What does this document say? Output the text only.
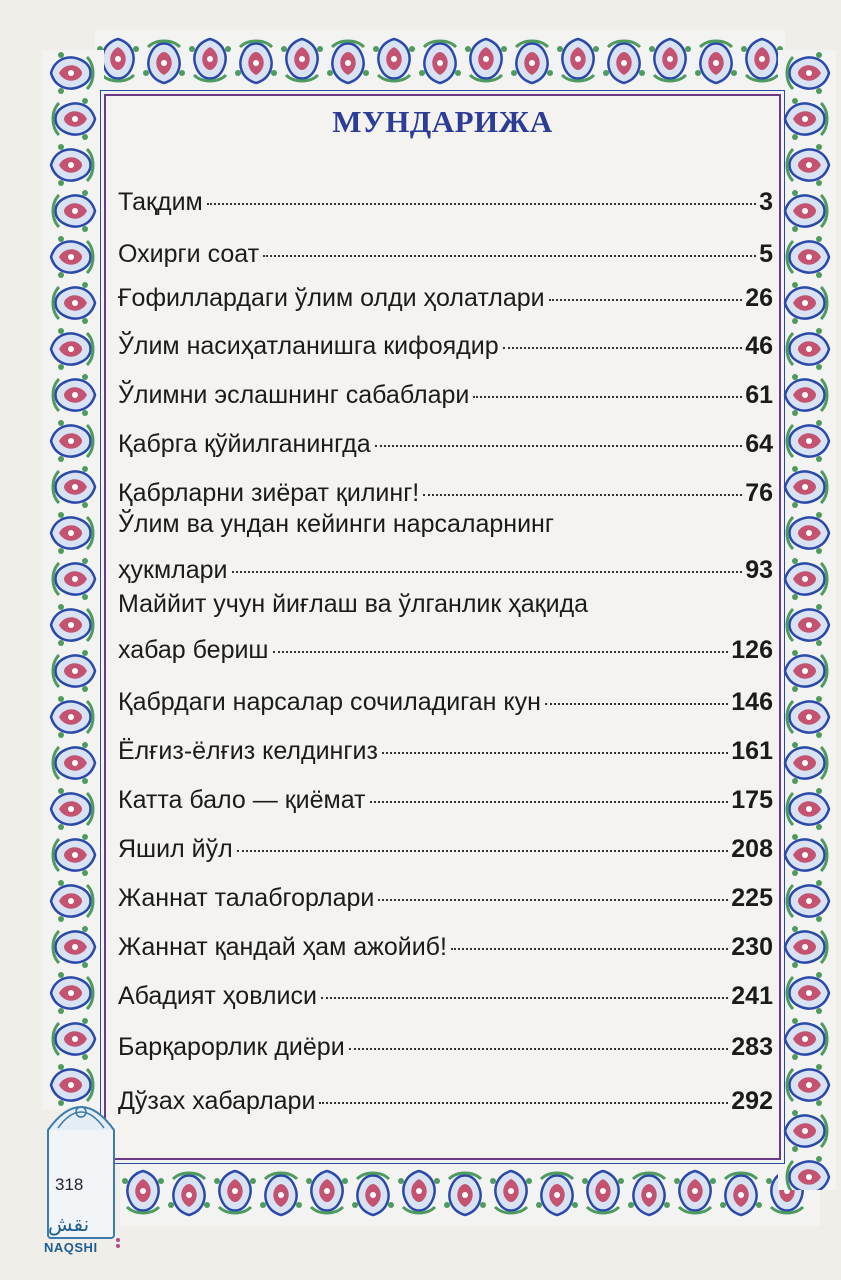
МУНДАРИЖА
Тақдим	3
Охирги соат	5
Ғофиллардаги ўлим олди ҳолатлари	26
Ўлим насиҳатланишга кифоядир	46
Ўлимни эслашнинг сабаблари	61
Қабрга қўйилганингда	64
Қабрларни зиёрат қилинг!	76
Ўлим ва ундан кейинги нарсаларнинг
ҳукмлари	93
Маййит учун йиғлаш ва ўлганлик ҳақида
хабар бериш	126
Қабрдаги нарсалар сочиладиган кун	146
Ёлғиз-ёлғиз келдингиз	161
Катта бало — қиёмат	175
Яшил йўл	208
Жаннат талабгорлари	225
Жаннат қандай ҳам ажойиб!	230
Абадият ҳовлиси	241
Барқарорлик диёри	283
Дўзах хабарлари	292
318
NAQSHI
نقش
